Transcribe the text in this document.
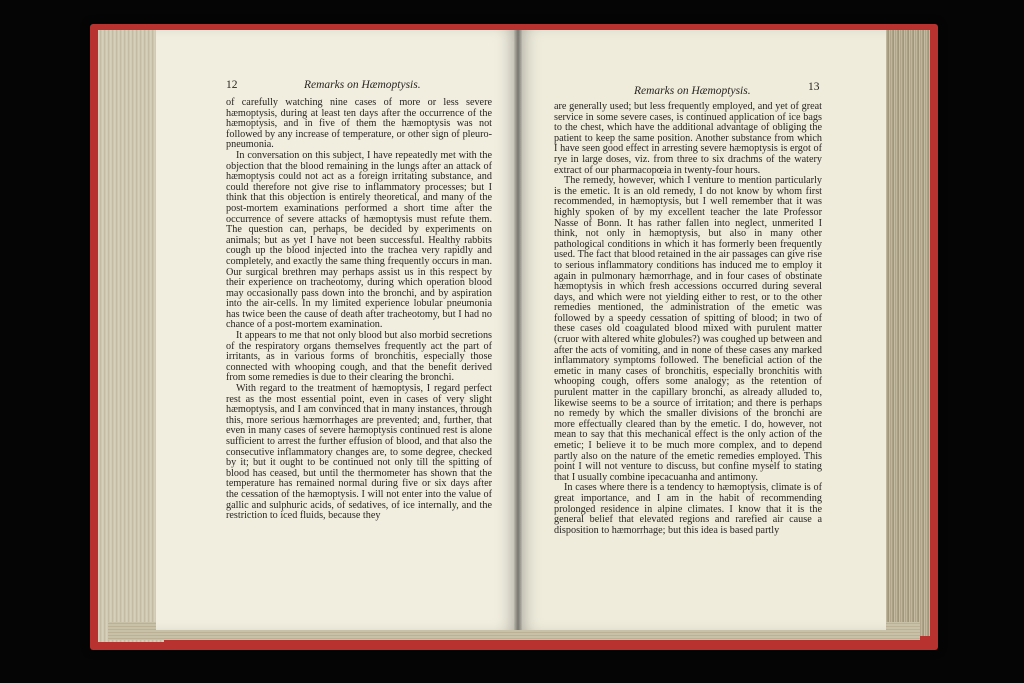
12	Remarks on Hæmoptysis.

of carefully watching nine cases of more or less severe hæmoptysis, during at least ten days after the occurrence of the hæmoptysis, and in five of them the hæmoptysis was not followed by any increase of temperature, or other sign of pleuro-pneumonia.

In conversation on this subject, I have repeatedly met with the objection that the blood remaining in the lungs after an attack of hæmoptysis could not act as a foreign irritating substance, and could therefore not give rise to inflammatory processes; but I think that this objection is entirely theoretical, and many of the post-mortem examinations performed a short time after the occurrence of severe attacks of hæmoptysis must refute them. The question can, perhaps, be decided by experiments on animals; but as yet I have not been successful. Healthy rabbits cough up the blood injected into the trachea very rapidly and completely, and exactly the same thing frequently occurs in man. Our surgical brethren may perhaps assist us in this respect by their experience on tracheotomy, during which operation blood may occasionally pass down into the bronchi, and by aspiration into the air-cells. In my limited experience lobular pneumonia has twice been the cause of death after tracheotomy, but I had no chance of a post-mortem examination.

It appears to me that not only blood but also morbid secretions of the respiratory organs themselves frequently act the part of irritants, as in various forms of bronchitis, especially those connected with whooping cough, and that the benefit derived from some remedies is due to their clearing the bronchi.

With regard to the treatment of hæmoptysis, I regard perfect rest as the most essential point, even in cases of very slight hæmoptysis, and I am convinced that in many instances, through this, more serious hæmorrhages are prevented; and, further, that even in many cases of severe hæmoptysis continued rest is alone sufficient to arrest the further effusion of blood, and that also the consecutive inflammatory changes are, to some degree, checked by it; but it ought to be continued not only till the spitting of blood has ceased, but until the thermometer has shown that the temperature has remained normal during five or six days after the cessation of the hæmoptysis. I will not enter into the value of gallic and sulphuric acids, of sedatives, of ice internally, and the restriction to iced fluids, because they

Remarks on Hæmoptysis.	13

are generally used; but less frequently employed, and yet of great service in some severe cases, is continued application of ice bags to the chest, which have the additional advantage of obliging the patient to keep the same position. Another substance from which I have seen good effect in arresting severe hæmoptysis is ergot of rye in large doses, viz. from three to six drachms of the watery extract of our pharmacopœia in twenty-four hours.

The remedy, however, which I venture to mention particularly is the emetic. It is an old remedy, I do not know by whom first recommended, in hæmoptysis, but I well remember that it was highly spoken of by my excellent teacher the late Professor Nasse of Bonn. It has rather fallen into neglect, unmerited I think, not only in hæmoptysis, but also in many other pathological conditions in which it has formerly been frequently used. The fact that blood retained in the air passages can give rise to serious inflammatory conditions has induced me to employ it again in pulmonary hæmorrhage, and in four cases of obstinate hæmoptysis in which fresh accessions occurred during several days, and which were not yielding either to rest, or to the other remedies mentioned, the administration of the emetic was followed by a speedy cessation of spitting of blood; in two of these cases old coagulated blood mixed with purulent matter (cruor with altered white globules?) was coughed up between and after the acts of vomiting, and in none of these cases any marked inflammatory symptoms followed. The beneficial action of the emetic in many cases of bronchitis, especially bronchitis with whooping cough, offers some analogy; as the retention of purulent matter in the capillary bronchi, as already alluded to, likewise seems to be a source of irritation; and there is perhaps no remedy by which the smaller divisions of the bronchi are more effectually cleared than by the emetic. I do, however, not mean to say that this mechanical effect is the only action of the emetic; I believe it to be much more complex, and to depend partly also on the nature of the emetic remedies employed. This point I will not venture to discuss, but confine myself to stating that I usually combine ipecacuanha and antimony.

In cases where there is a tendency to hæmoptysis, climate is of great importance, and I am in the habit of recommending prolonged residence in alpine climates. I know that it is the general belief that elevated regions and rarefied air cause a disposition to hæmorrhage; but this idea is based partly
